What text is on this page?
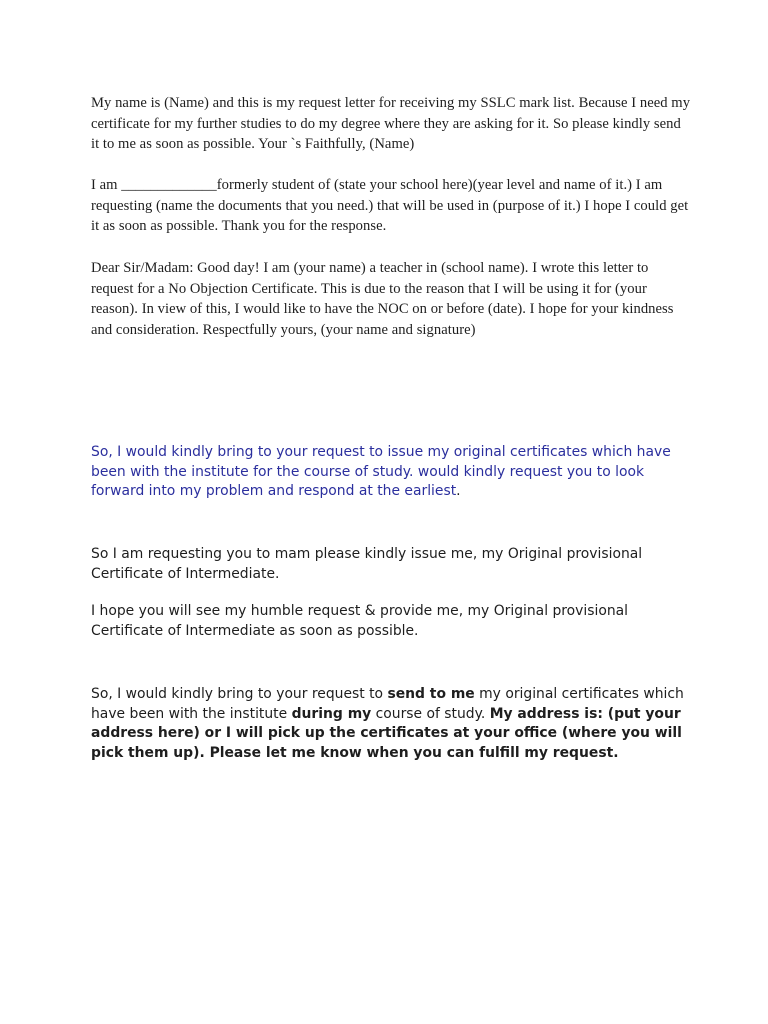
My name is (Name) and this is my request letter for receiving my SSLC mark list. Because I need my certificate for my further studies to do my degree where they are asking for it. So please kindly send it to me as soon as possible. Your `s Faithfully, (Name)

I am _____________formerly student of (state your school here)(year level and name of it.) I am requesting (name the documents that you need.) that will be used in (purpose of it.) I hope I could get it as soon as possible. Thank you for the response.

Dear Sir/Madam: Good day! I am (your name) a teacher in (school name). I wrote this letter to request for a No Objection Certificate. This is due to the reason that I will be using it for (your reason). In view of this, I would like to have the NOC on or before (date). I hope for your kindness and consideration. Respectfully yours, (your name and signature)

So, I would kindly bring to your request to issue my original certificates which have been with the institute for the course of study. would kindly request you to look forward into my problem and respond at the earliest.

So I am requesting you to mam please kindly issue me, my Original provisional Certificate of Intermediate.

I hope you will see my humble request & provide me, my Original provisional Certificate of Intermediate as soon as possible.

So, I would kindly bring to your request to send to me my original certificates which have been with the institute during my course of study. My address is: (put your address here) or I will pick up the certificates at your office (where you will pick them up). Please let me know when you can fulfill my request.
